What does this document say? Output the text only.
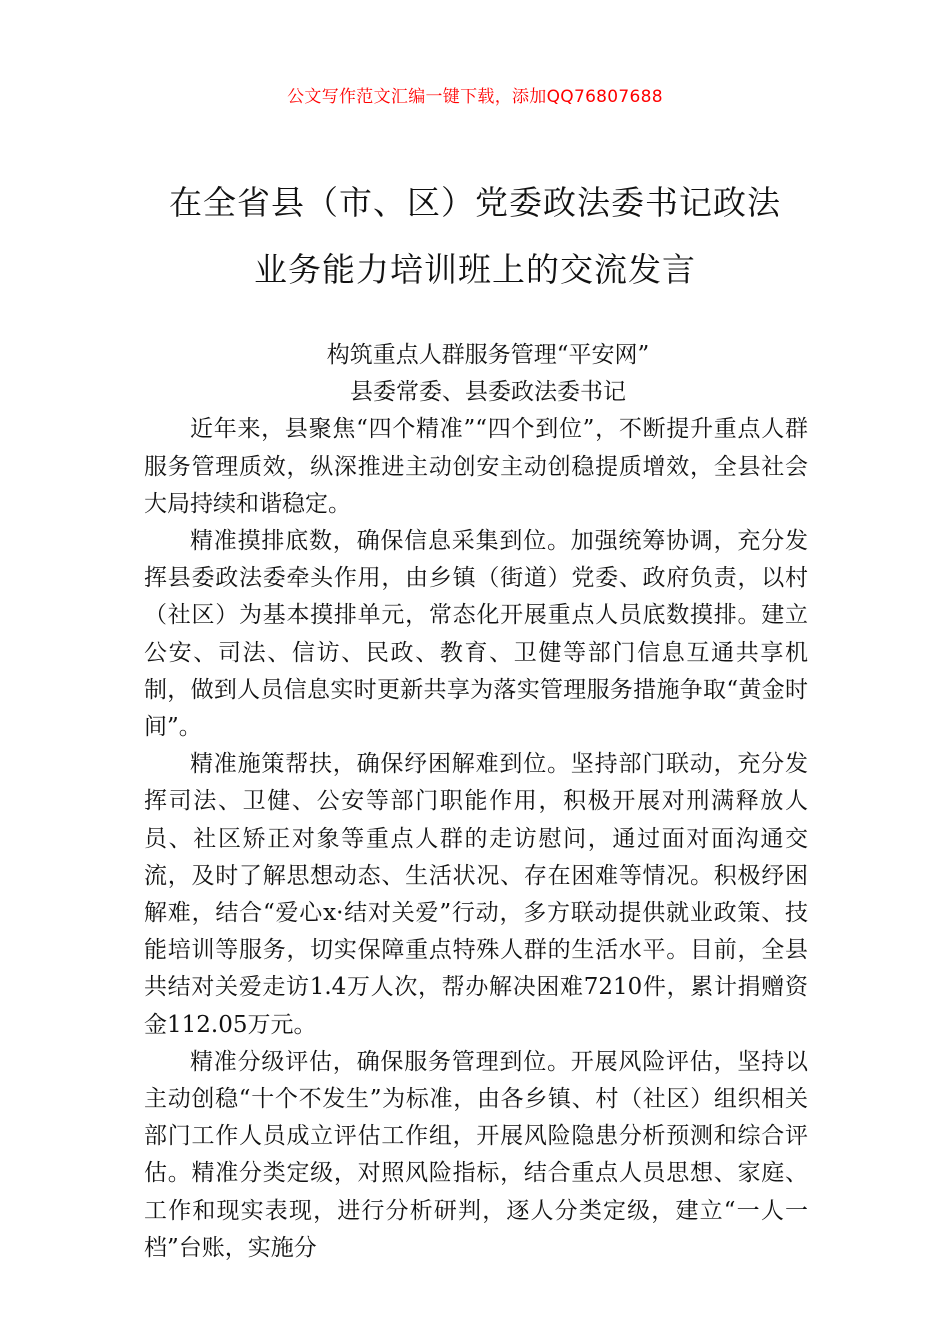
公文写作范文汇编一键下载，添加QQ76807688
在全省县（市、区）党委政法委书记政法
业务能力培训班上的交流发言
构筑重点人群服务管理“平安网”
县委常委、县委政法委书记

近年来，县聚焦“四个精准”“四个到位”，不断提升重点人群服务管理质效，纵深推进主动创安主动创稳提质增效，全县社会大局持续和谐稳定。

精准摸排底数，确保信息采集到位。加强统筹协调，充分发挥县委政法委牵头作用，由乡镇（街道）党委、政府负责，以村（社区）为基本摸排单元，常态化开展重点人员底数摸排。建立公安、司法、信访、民政、教育、卫健等部门信息互通共享机制，做到人员信息实时更新共享为落实管理服务措施争取“黄金时间”。

精准施策帮扶，确保纾困解难到位。坚持部门联动，充分发挥司法、卫健、公安等部门职能作用，积极开展对刑满释放人员、社区矫正对象等重点人群的走访慰问，通过面对面沟通交流，及时了解思想动态、生活状况、存在困难等情况。积极纾困解难，结合“爱心x·结对关爱”行动，多方联动提供就业政策、技能培训等服务，切实保障重点特殊人群的生活水平。目前，全县共结对关爱走访1.4万人次，帮办解决困难7210件，累计捐赠资金112.05万元。

精准分级评估，确保服务管理到位。开展风险评估，坚持以主动创稳“十个不发生”为标准，由各乡镇、村（社区）组织相关部门工作人员成立评估工作组，开展风险隐患分析预测和综合评估。精准分类定级，对照风险指标，结合重点人员思想、家庭、工作和现实表现，进行分析研判，逐人分类定级，建立“一人一档”台账，实施分
